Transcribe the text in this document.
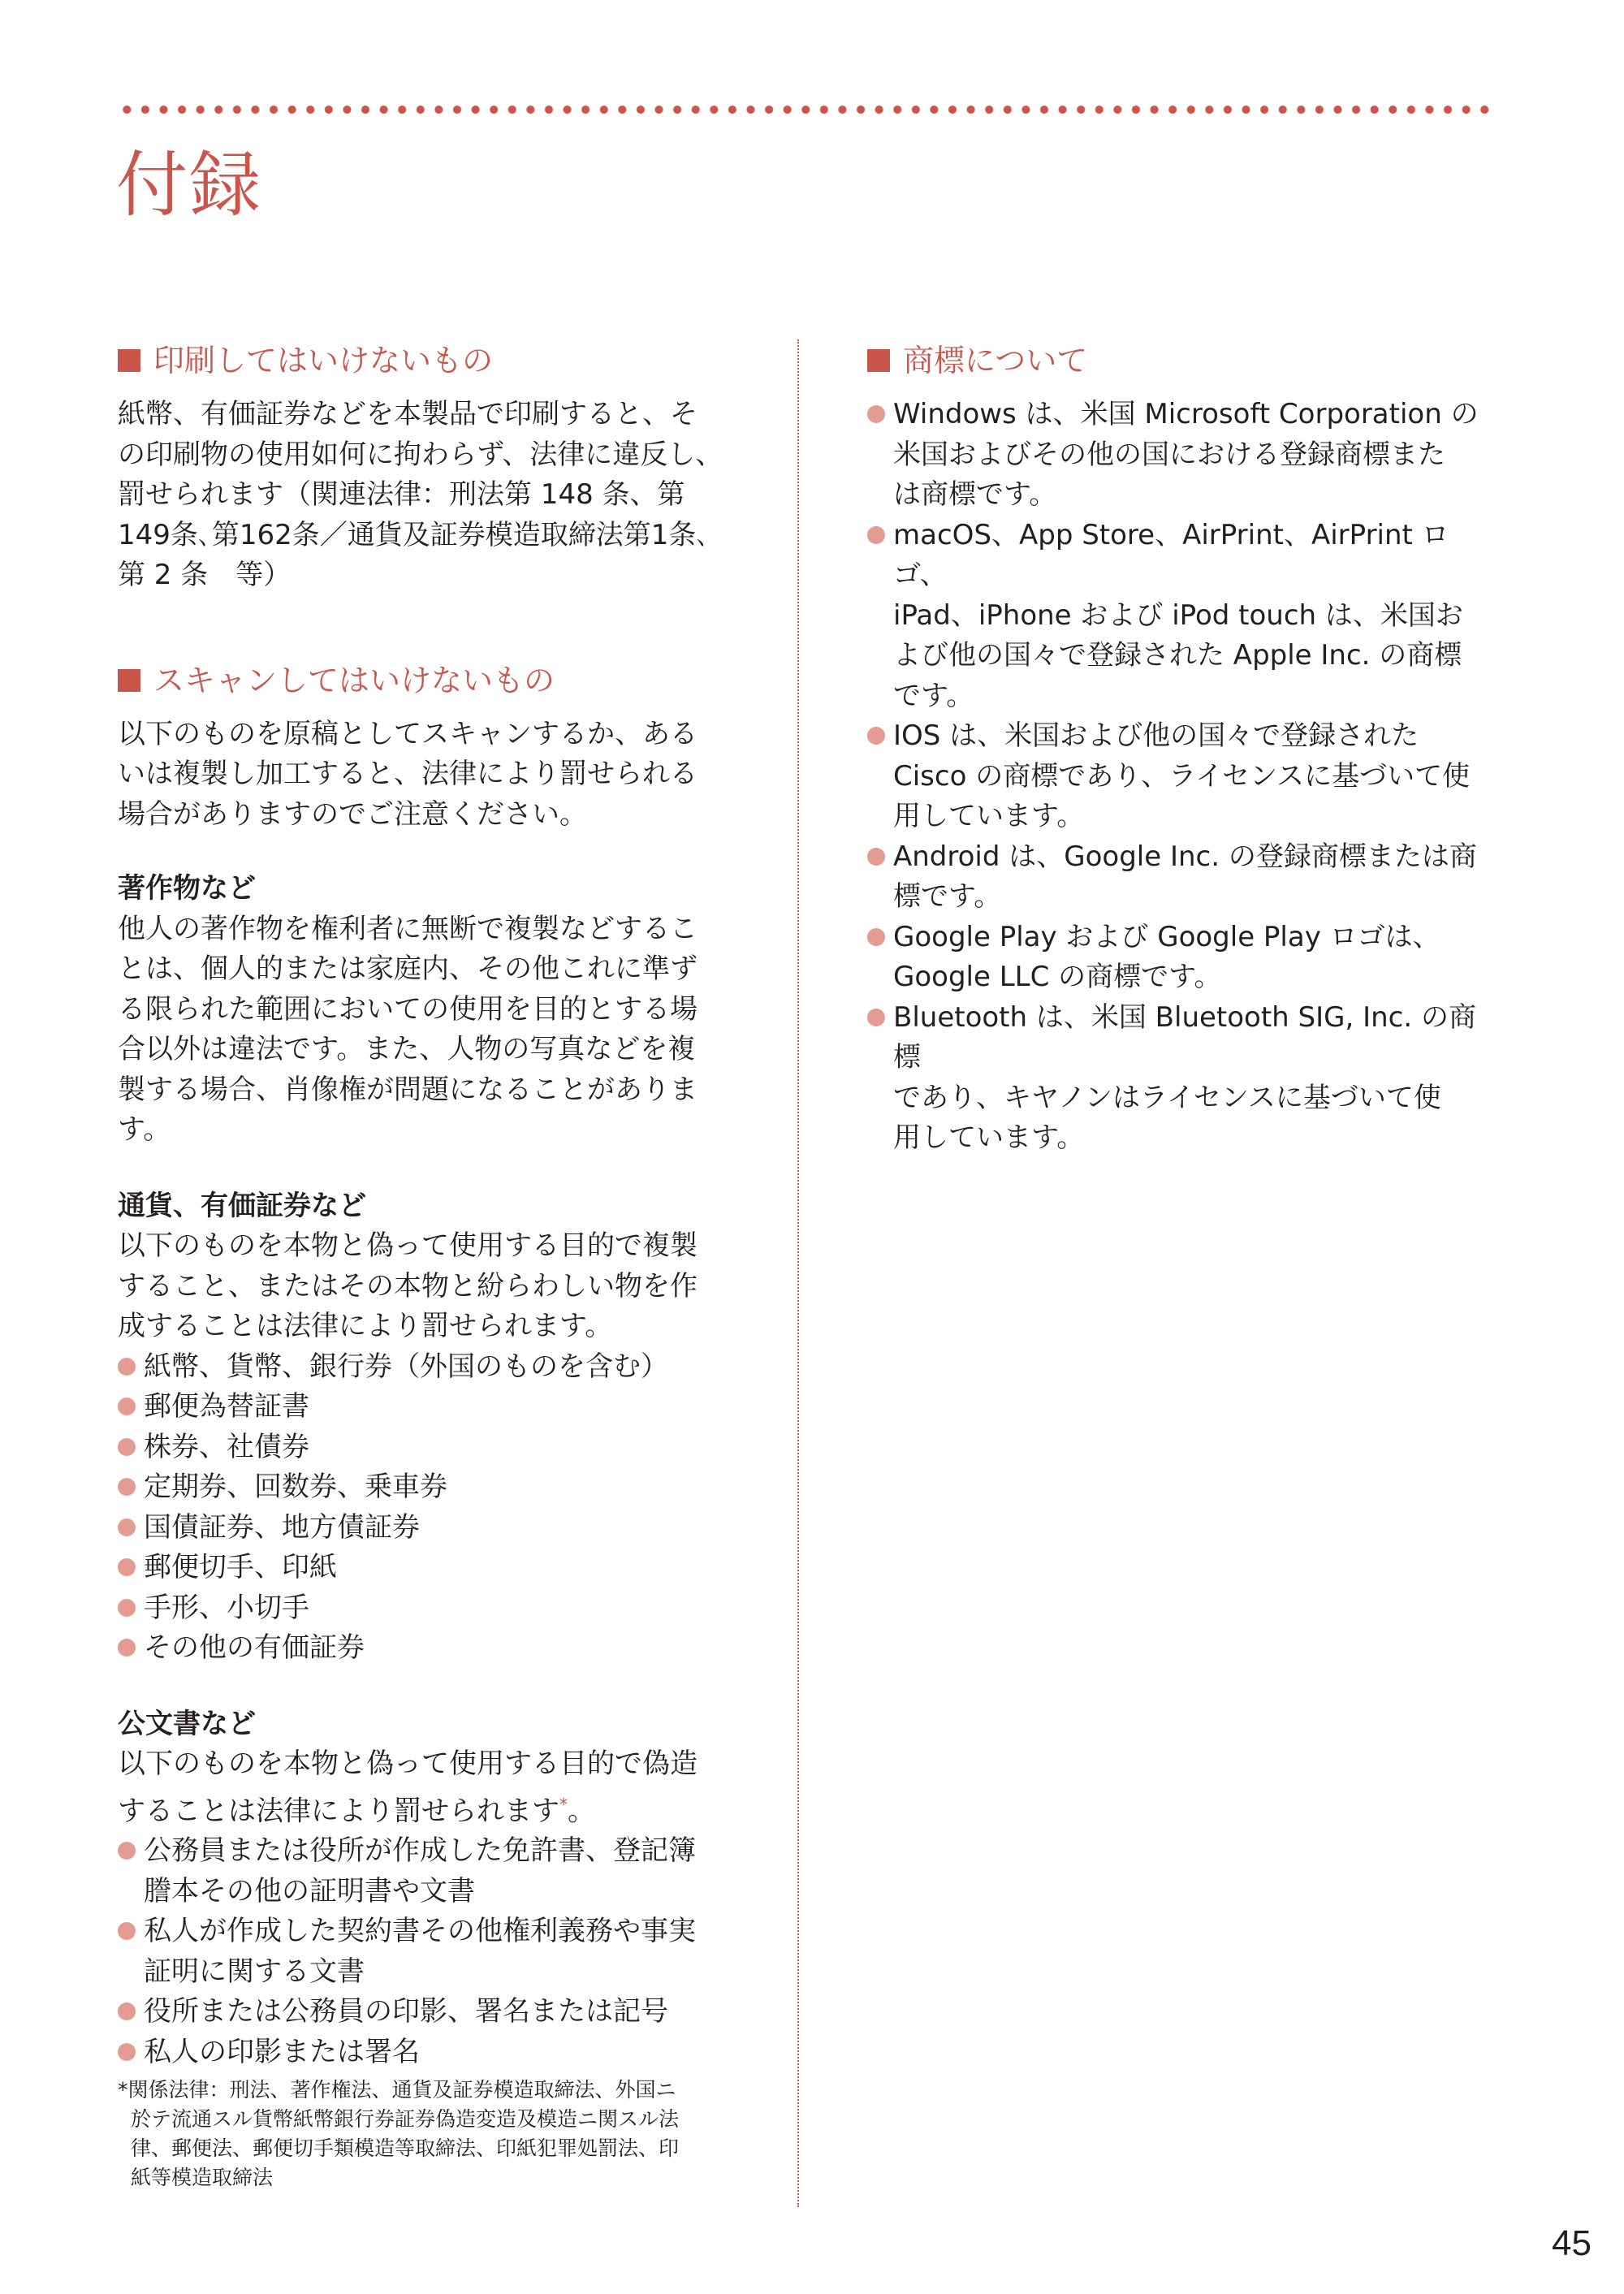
付録
印刷してはいけないもの

紙幣、有価証券などを本製品で印刷すると、そ
の印刷物の使用如何に拘わらず、法律に違反し、
罰せられます（関連法律：刑法第 148 条、第
149条､第162条／通貨及証券模造取締法第1条､
第 2 条　等）

スキャンしてはいけないもの

以下のものを原稿としてスキャンするか、ある
いは複製し加工すると、法律により罰せられる
場合がありますのでご注意ください。

著作物など

他人の著作物を権利者に無断で複製などするこ
とは、個人的または家庭内、その他これに準ず
る限られた範囲においての使用を目的とする場
合以外は違法です。また、人物の写真などを複
製する場合、肖像権が問題になることがありま
す。

通貨、有価証券など

以下のものを本物と偽って使用する目的で複製
すること、またはその本物と紛らわしい物を作
成することは法律により罰せられます。

紙幣、貨幣、銀行券（外国のものを含む）
郵便為替証書
株券、社債券
定期券、回数券、乗車券
国債証券、地方債証券
郵便切手、印紙
手形、小切手
その他の有価証券
公文書など

以下のものを本物と偽って使用する目的で偽造
することは法律により罰せられます*。

公務員または役所が作成した免許書、登記簿
謄本その他の証明書や文書
私人が作成した契約書その他権利義務や事実
証明に関する文書
役所または公務員の印影、署名または記号
私人の印影または署名

*関係法律：刑法、著作権法、通貨及証券模造取締法、外国ニ
於テ流通スル貨幣紙幣銀行券証券偽造変造及模造ニ関スル法
律、郵便法、郵便切手類模造等取締法、印紙犯罪処罰法、印
紙等模造取締法

商標について
Windows は、米国 Microsoft Corporation の
米国およびその他の国における登録商標また
は商標です。
macOS、App Store、AirPrint、AirPrint ロゴ、
iPad、iPhone および iPod touch は、米国お
よび他の国々で登録された Apple Inc. の商標
です。
IOS は、米国および他の国々で登録された
Cisco の商標であり、ライセンスに基づいて使
用しています。
Android は、Google Inc. の登録商標または商
標です。
Google Play および Google Play ロゴは、
Google LLC の商標です。
Bluetooth は、米国 Bluetooth SIG, Inc. の商標
であり、キヤノンはライセンスに基づいて使
用しています。
45
